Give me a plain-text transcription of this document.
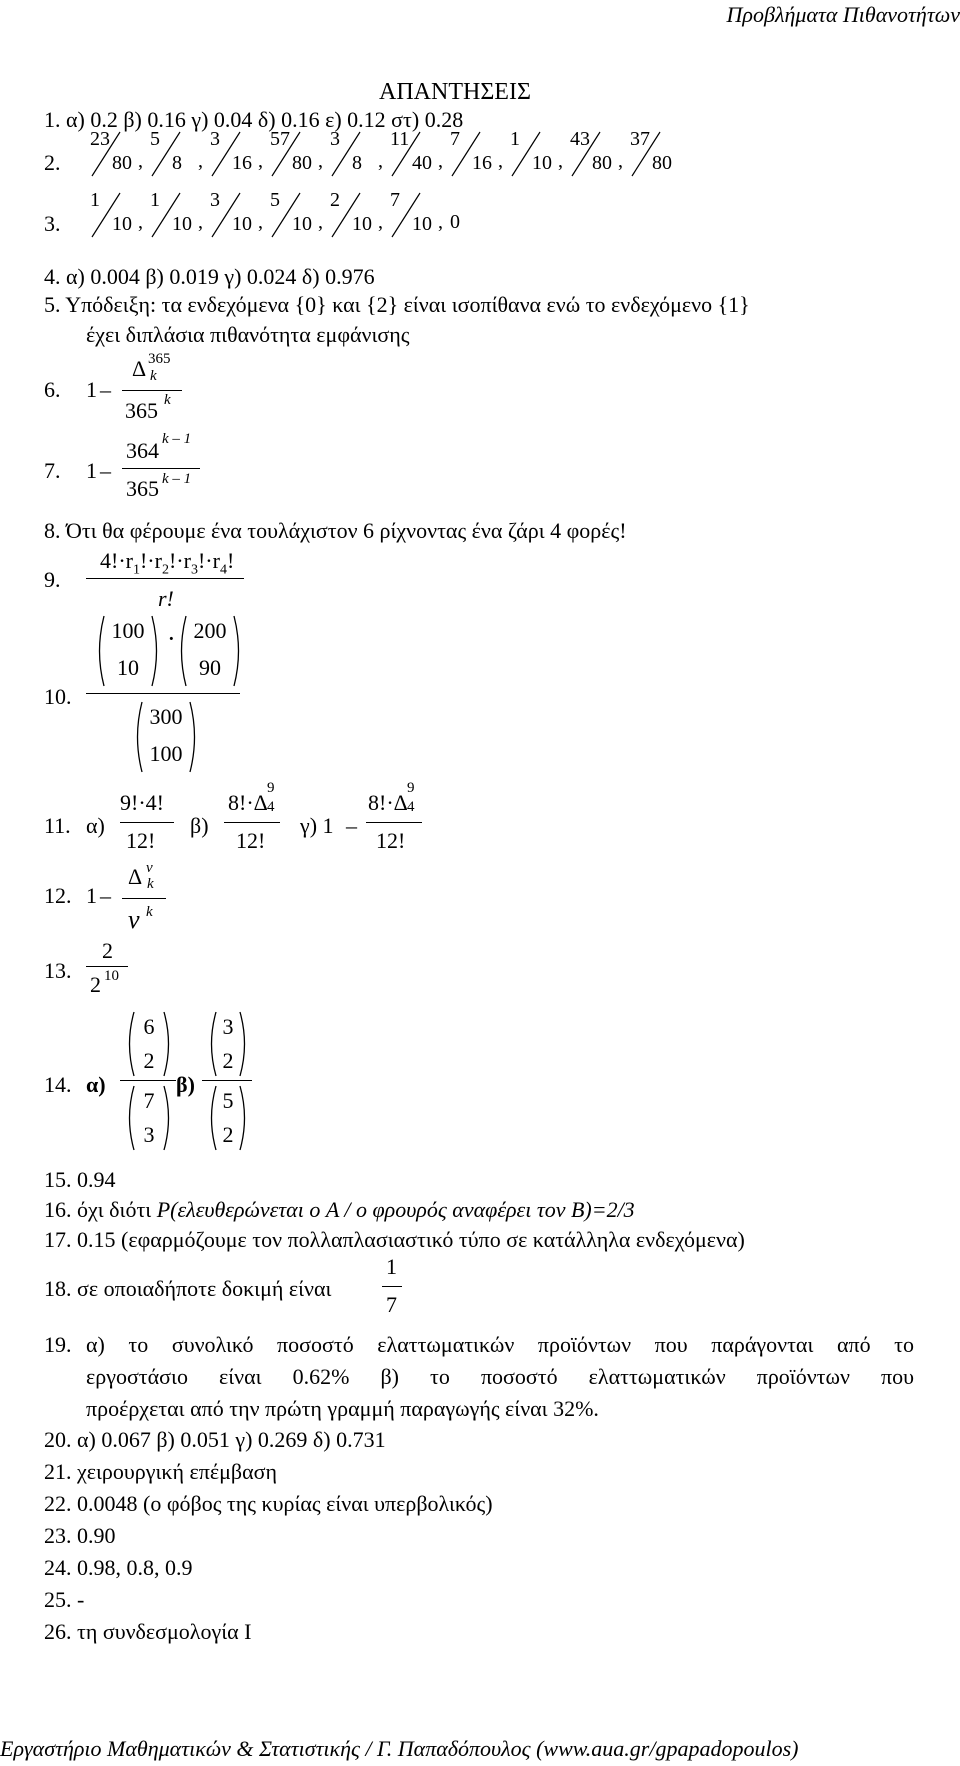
Προβλήματα Πιθανοτήτων
ΑΠΑΝΤΗΣΕΙΣ
1. α) 0.2 β) 0.16 γ) 0.04 δ) 0.16 ε) 0.12 στ) 0.28
2.
23
80 ,
5
8 ,
3
16 ,
57
80 ,
3
8 ,
11
40 ,
7
16 ,
1
10 ,
43
80 ,
37
80
3.
1
10 ,
1
10 ,
3
10 ,
5
10 ,
2
10 ,
7
10 , 0
4. α) 0.004 β) 0.019 γ) 0.024 δ) 0.976
5. Υπόδειξη: τα ενδεχόμενα {0} και {2} είναι ισοπίθανα ενώ το ενδεχόμενο {1}
έχει διπλάσια πιθανότητα εμφάνισης
6. 1 –
Δ 365
k
365 k
7. 1 –
364 k – 1
365 k – 1
8. Ότι θα φέρουμε ένα τουλάχιστον 6 ρίχνοντας ένα ζάρι 4 φορές!
9.
$4!\cdot r_1!\cdot r_2!\cdot r_3!\cdot r_4$!
r!
10.
100
10
· 200
90
300
100
11. α)
9!·4!
12!
β)
8!·Δ
9
4
12!
γ) 1 –
8!·Δ
9
4
12!
12. 1 –
Δ ν
k
ν k
13.
2
2 10
14. α)
6
2
7
3
β)
3
2
5
2
15. 0.94
16. όχι διότι P(ελευθερώνεται ο A / ο φρουρός αναφέρει τον B)=2/3
17. 0.15 (εφαρμόζουμε τον πολλαπλασιαστικό τύπο σε κατάλληλα ενδεχόμενα)
18. σε οποιαδήποτε δοκιμή είναι
1
7
19. α) το συνολικό ποσοστό ελαττωματικών προϊόντων που παράγονται από το
εργοστάσιο είναι 0.62% β) το ποσοστό ελαττωματικών προϊόντων που
προέρχεται από την πρώτη γραμμή παραγωγής είναι 32%.
20. α) 0.067 β) 0.051 γ) 0.269 δ) 0.731
21. χειρουργική επέμβαση
22. 0.0048 (ο φόβος της κυρίας είναι υπερβολικός)
23. 0.90
24. 0.98, 0.8, 0.9
25. -
26. τη συνδεσμολογία Ι
Εργαστήριο Μαθηματικών & Στατιστικής / Γ. Παπαδόπουλος (www.aua.gr/gpapadopoulos)
